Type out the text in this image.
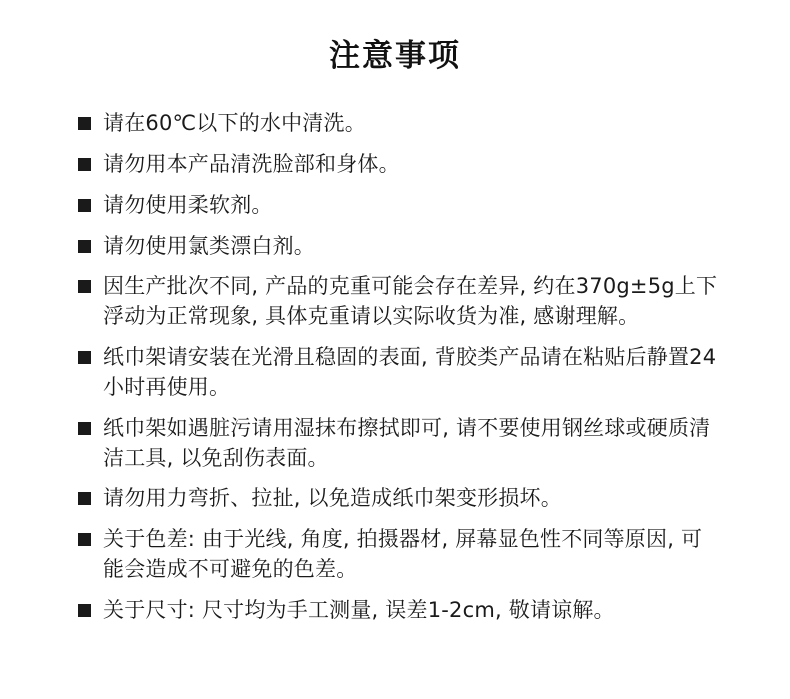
注意事项
请在60℃以下的水中清洗。
请勿用本产品清洗脸部和身体。
请勿使用柔软剂。
请勿使用氯类漂白剂。
因生产批次不同, 产品的克重可能会存在差异, 约在370g±5g上下浮动为正常现象, 具体克重请以实际收货为准, 感谢理解。
纸巾架请安装在光滑且稳固的表面, 背胶类产品请在粘贴后静置24小时再使用。
纸巾架如遇脏污请用湿抹布擦拭即可, 请不要使用钢丝球或硬质清洁工具, 以免刮伤表面。
请勿用力弯折、拉扯, 以免造成纸巾架变形损坏。
关于色差: 由于光线, 角度, 拍摄器材, 屏幕显色性不同等原因, 可能会造成不可避免的色差。
关于尺寸: 尺寸均为手工测量, 误差1-2cm, 敬请谅解。
